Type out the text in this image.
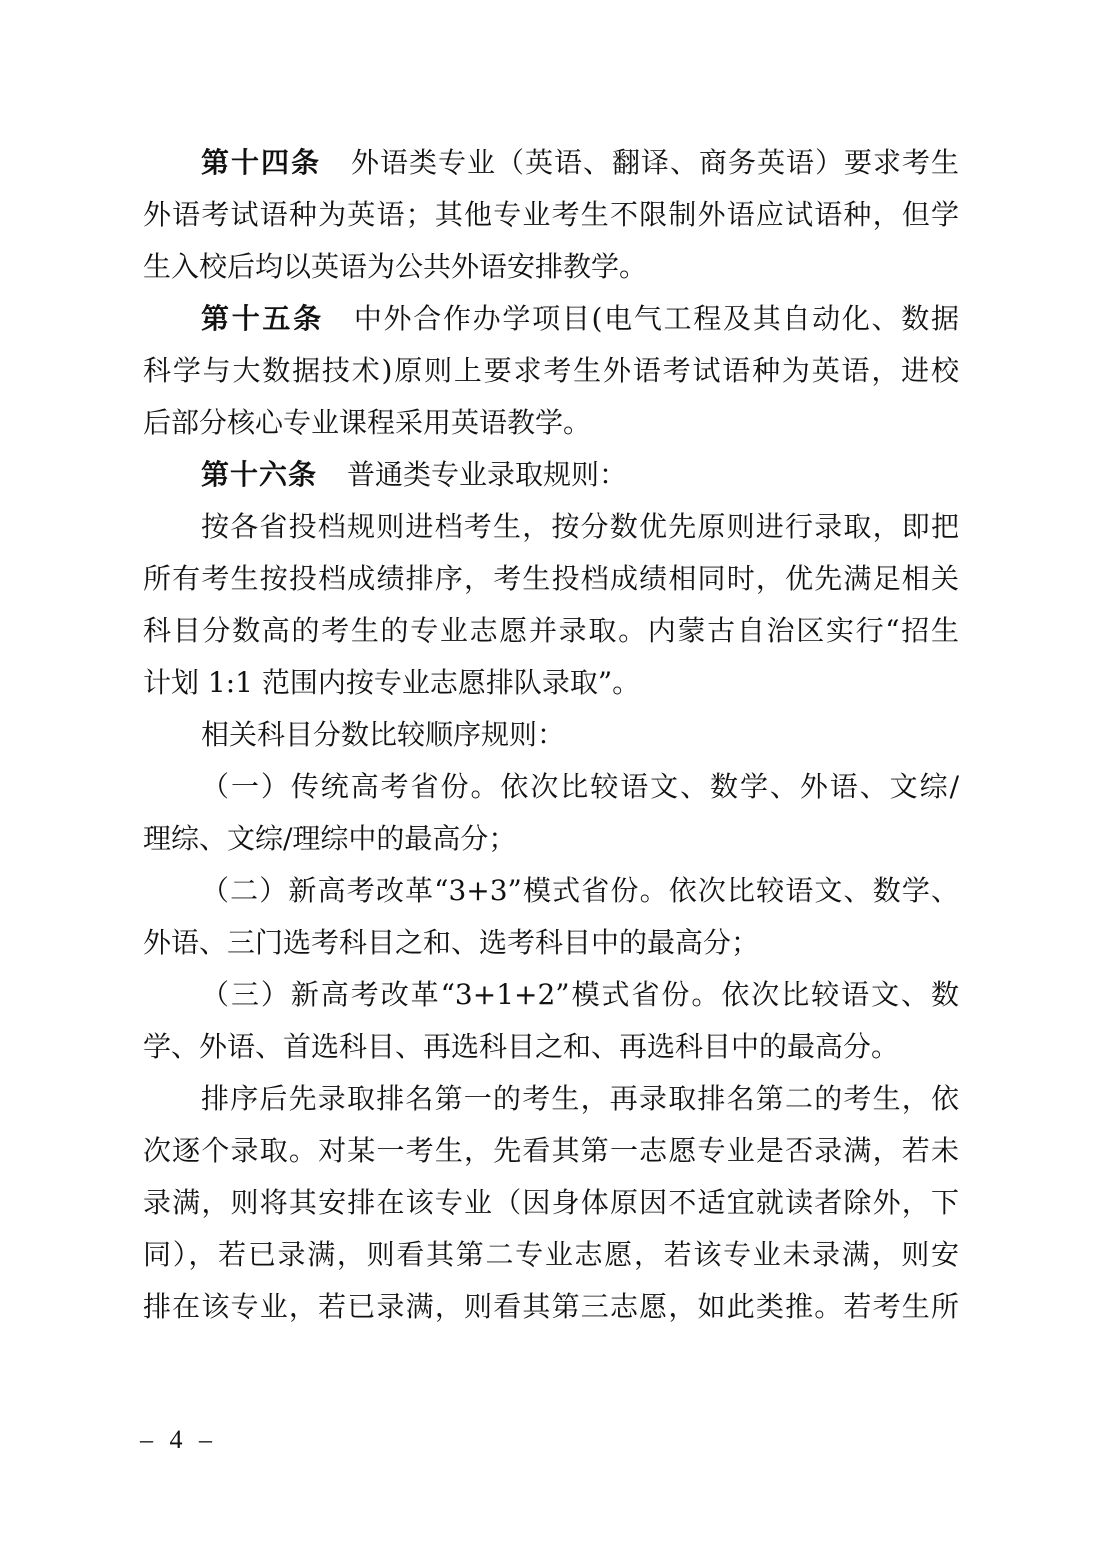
第十四条 外语类专业（英语、翻译、商务英语）要求考生
外语考试语种为英语；其他专业考生不限制外语应试语种，但学
生入校后均以英语为公共外语安排教学。
第十五条 中外合作办学项目(电气工程及其自动化、数据
科学与大数据技术)原则上要求考生外语考试语种为英语，进校
后部分核心专业课程采用英语教学。
第十六条 普通类专业录取规则：
按各省投档规则进档考生，按分数优先原则进行录取，即把
所有考生按投档成绩排序，考生投档成绩相同时，优先满足相关
科目分数高的考生的专业志愿并录取。内蒙古自治区实行“招生
计划 1:1 范围内按专业志愿排队录取”。
相关科目分数比较顺序规则：
（一）传统高考省份。依次比较语文、数学、外语、文综/
理综、文综/理综中的最高分；
（二）新高考改革“3+3”模式省份。依次比较语文、数学、
外语、三门选考科目之和、选考科目中的最高分；
（三）新高考改革“3+1+2”模式省份。依次比较语文、数
学、外语、首选科目、再选科目之和、再选科目中的最高分。
排序后先录取排名第一的考生，再录取排名第二的考生，依
次逐个录取。对某一考生，先看其第一志愿专业是否录满，若未
录满，则将其安排在该专业（因身体原因不适宜就读者除外，下
同），若已录满，则看其第二专业志愿，若该专业未录满，则安
排在该专业，若已录满，则看其第三志愿，如此类推。若考生所
– 4 –
